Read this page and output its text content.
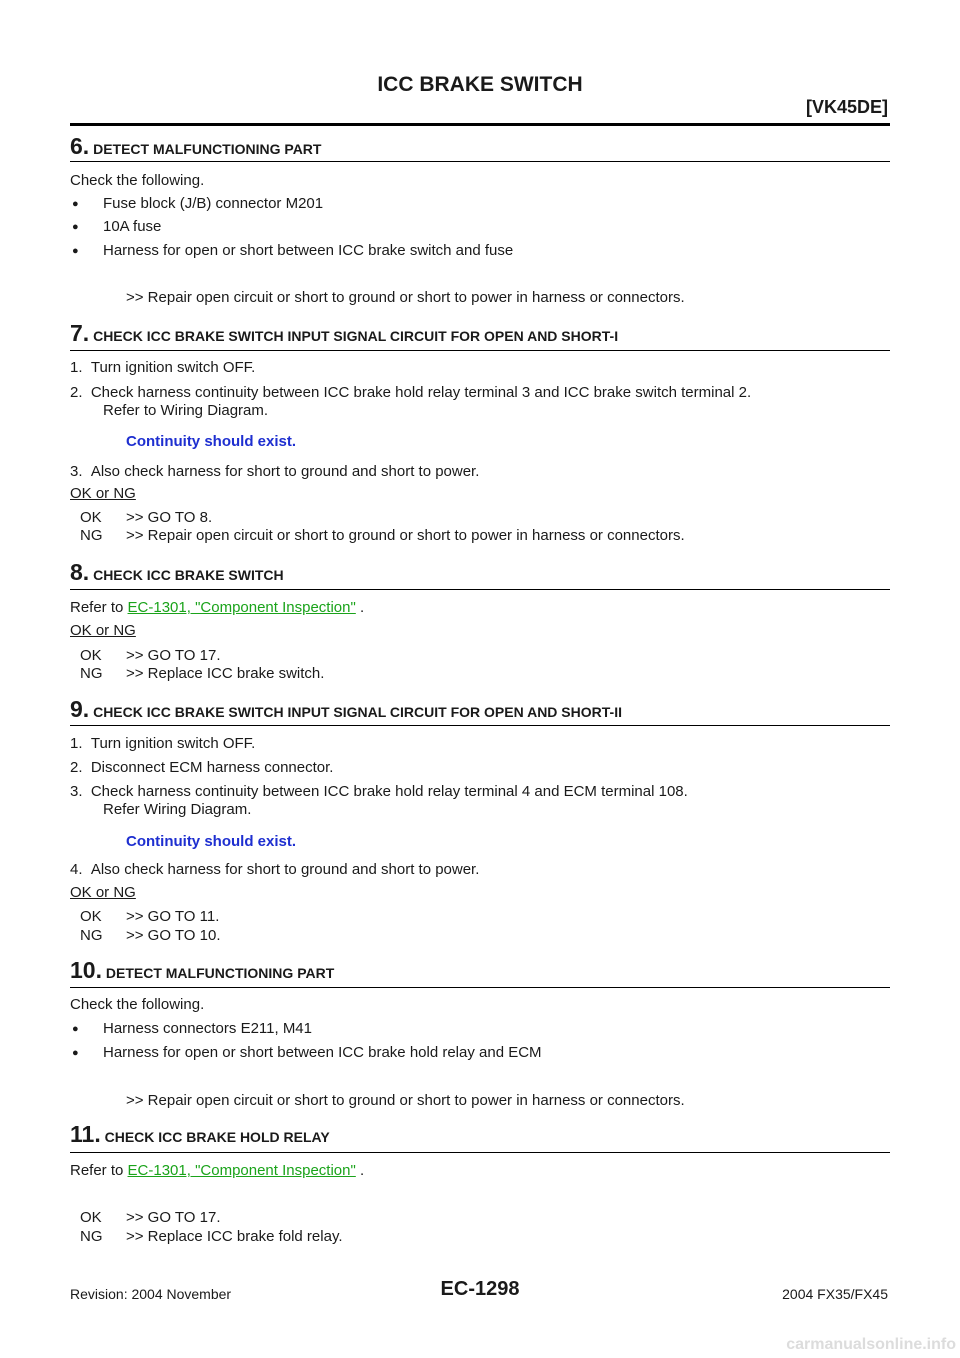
ICC BRAKE SWITCH
[VK45DE]
6. DETECT MALFUNCTIONING PART
Check the following.
● Fuse block (J/B) connector M201
● 10A fuse
● Harness for open or short between ICC brake switch and fuse
>> Repair open circuit or short to ground or short to power in harness or connectors.
7. CHECK ICC BRAKE SWITCH INPUT SIGNAL CIRCUIT FOR OPEN AND SHORT-I
1.  Turn ignition switch OFF.
2.  Check harness continuity between ICC brake hold relay terminal 3 and ICC brake switch terminal 2.
Refer to Wiring Diagram.
Continuity should exist.
3.  Also check harness for short to ground and short to power.
OK or NG
OK >> GO TO 8.
NG >> Repair open circuit or short to ground or short to power in harness or connectors.
8. CHECK ICC BRAKE SWITCH
Refer to EC-1301, "Component Inspection" .
OK or NG
OK >> GO TO 17.
NG >> Replace ICC brake switch.
9. CHECK ICC BRAKE SWITCH INPUT SIGNAL CIRCUIT FOR OPEN AND SHORT-II
1.  Turn ignition switch OFF.
2.  Disconnect ECM harness connector.
3.  Check harness continuity between ICC brake hold relay terminal 4 and ECM terminal 108.
Refer Wiring Diagram.
Continuity should exist.
4.  Also check harness for short to ground and short to power.
OK or NG
OK >> GO TO 11.
NG >> GO TO 10.
10. DETECT MALFUNCTIONING PART
Check the following.
● Harness connectors E211, M41
● Harness for open or short between ICC brake hold relay and ECM
>> Repair open circuit or short to ground or short to power in harness or connectors.
11. CHECK ICC BRAKE HOLD RELAY
Refer to EC-1301, "Component Inspection" .
OK >> GO TO 17.
NG >> Replace ICC brake fold relay.
Revision: 2004 November	EC-1298	2004 FX35/FX45
carmanualsonline.info
